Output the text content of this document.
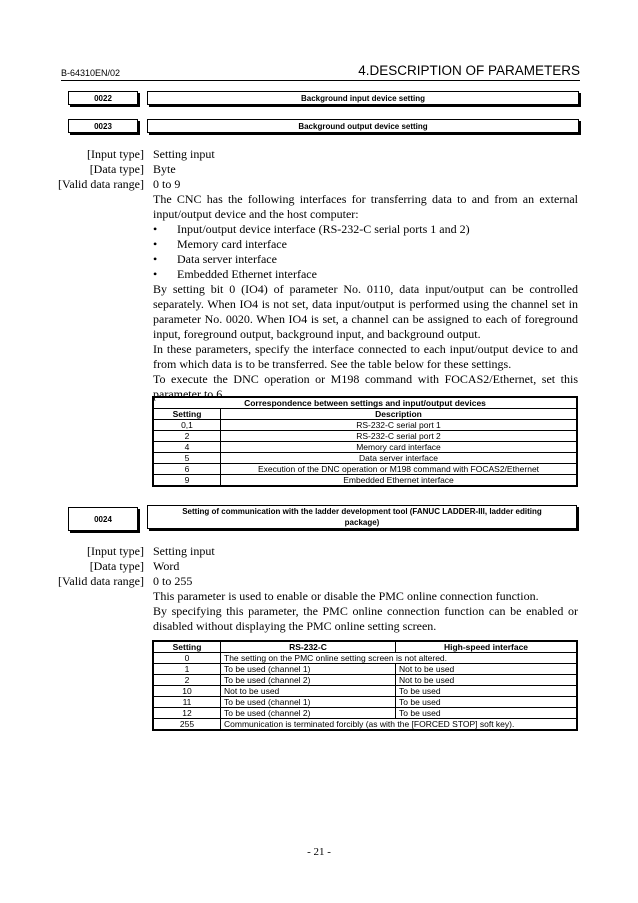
B-64310EN/02	4.DESCRIPTION OF PARAMETERS
0022	Background input device setting
0023	Background output device setting
[Input type] Setting input
[Data type] Byte
[Valid data range] 0 to 9

The CNC has the following interfaces for transferring data to and from an external input/output device and the host computer:

• Input/output device interface (RS-232-C serial ports 1 and 2)
• Memory card interface
• Data server interface
• Embedded Ethernet interface

By setting bit 0 (IO4) of parameter No. 0110, data input/output can be controlled separately. When IO4 is not set, data input/output is performed using the channel set in parameter No. 0020. When IO4 is set, a channel can be assigned to each of foreground input, foreground output, background input, and background output.

In these parameters, specify the interface connected to each input/output device to and from which data is to be transferred. See the table below for these settings.

To execute the DNC operation or M198 command with FOCAS2/Ethernet, set this parameter to 6.

Correspondence between settings and input/output devices	
Setting	Description
0,1	RS-232-C serial port 1
2	RS-232-C serial port 2
4	Memory card interface
5	Data server interface
6	Execution of the DNC operation or M198 command with FOCAS2/Ethernet
9	Embedded Ethernet interface
0024
Setting of communication with the ladder development tool (FANUC LADDER-III, ladder editing package)
[Input type] Setting input
[Data type] Word
[Valid data range] 0 to 255

This parameter is used to enable or disable the PMC online connection function.

By specifying this parameter, the PMC online connection function can be enabled or disabled without displaying the PMC online setting screen.

Setting	RS-232-C	High-speed interface
0	The setting on the PMC online setting screen is not altered.	
1	To be used (channel 1)	Not to be used
2	To be used (channel 2)	Not to be used
10	Not to be used	To be used
11	To be used (channel 1)	To be used
12	To be used (channel 2)	To be used
255	Communication is terminated forcibly (as with the [FORCED STOP] soft key).	
- 21 -
